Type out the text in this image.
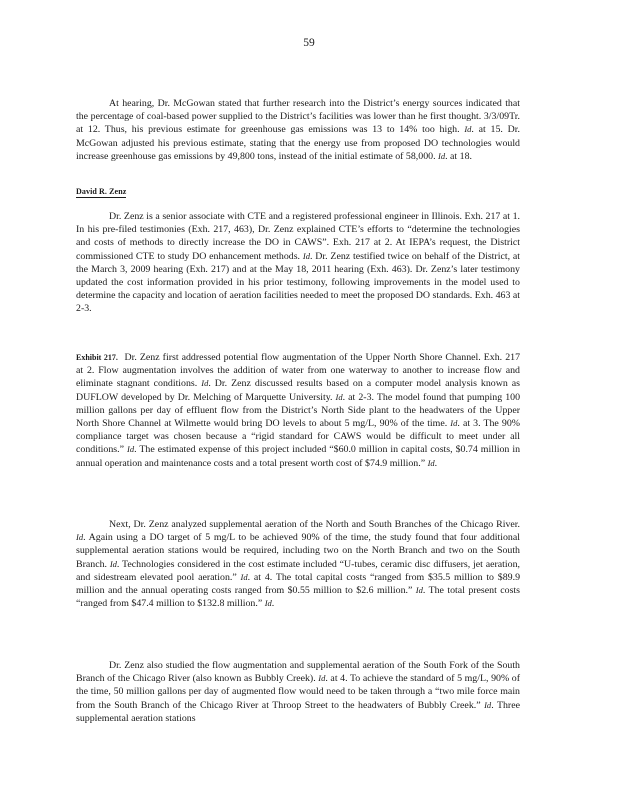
59

At hearing, Dr. McGowan stated that further research into the District’s energy sources indicated that the percentage of coal-based power supplied to the District’s facilities was lower than he first thought. 3/3/09Tr. at 12. Thus, his previous estimate for greenhouse gas emissions was 13 to 14% too high. Id. at 15. Dr. McGowan adjusted his previous estimate, stating that the energy use from proposed DO technologies would increase greenhouse gas emissions by 49,800 tons, instead of the initial estimate of 58,000. Id. at 18.

David R. Zenz

Dr. Zenz is a senior associate with CTE and a registered professional engineer in Illinois. Exh. 217 at 1. In his pre-filed testimonies (Exh. 217, 463), Dr. Zenz explained CTE’s efforts to “determine the technologies and costs of methods to directly increase the DO in CAWS”. Exh. 217 at 2. At IEPA’s request, the District commissioned CTE to study DO enhancement methods. Id. Dr. Zenz testified twice on behalf of the District, at the March 3, 2009 hearing (Exh. 217) and at the May 18, 2011 hearing (Exh. 463). Dr. Zenz’s later testimony updated the cost information provided in his prior testimony, following improvements in the model used to determine the capacity and location of aeration facilities needed to meet the proposed DO standards. Exh. 463 at 2-3.

Exhibit 217. Dr. Zenz first addressed potential flow augmentation of the Upper North Shore Channel. Exh. 217 at 2. Flow augmentation involves the addition of water from one waterway to another to increase flow and eliminate stagnant conditions. Id. Dr. Zenz discussed results based on a computer model analysis known as DUFLOW developed by Dr. Melching of Marquette University. Id. at 2-3. The model found that pumping 100 million gallons per day of effluent flow from the District’s North Side plant to the headwaters of the Upper North Shore Channel at Wilmette would bring DO levels to about 5 mg/L, 90% of the time. Id. at 3. The 90% compliance target was chosen because a “rigid standard for CAWS would be difficult to meet under all conditions.” Id. The estimated expense of this project included “$60.0 million in capital costs, $0.74 million in annual operation and maintenance costs and a total present worth cost of $74.9 million.” Id.

Next, Dr. Zenz analyzed supplemental aeration of the North and South Branches of the Chicago River. Id. Again using a DO target of 5 mg/L to be achieved 90% of the time, the study found that four additional supplemental aeration stations would be required, including two on the North Branch and two on the South Branch. Id. Technologies considered in the cost estimate included “U-tubes, ceramic disc diffusers, jet aeration, and sidestream elevated pool aeration.” Id. at 4. The total capital costs “ranged from $35.5 million to $89.9 million and the annual operating costs ranged from $0.55 million to $2.6 million.” Id. The total present costs “ranged from $47.4 million to $132.8 million.” Id.

Dr. Zenz also studied the flow augmentation and supplemental aeration of the South Fork of the South Branch of the Chicago River (also known as Bubbly Creek). Id. at 4. To achieve the standard of 5 mg/L, 90% of the time, 50 million gallons per day of augmented flow would need to be taken through a “two mile force main from the South Branch of the Chicago River at Throop Street to the headwaters of Bubbly Creek.” Id. Three supplemental aeration stations
